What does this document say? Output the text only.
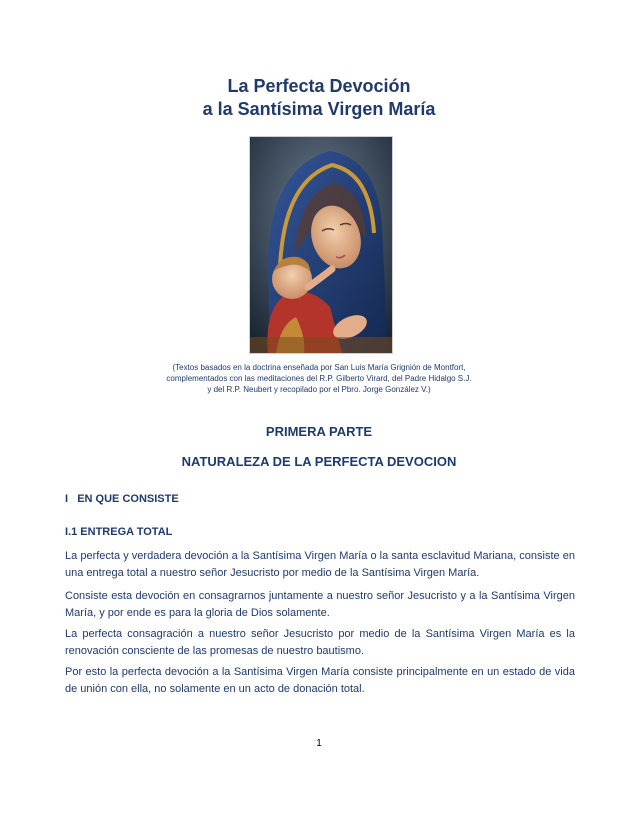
La Perfecta Devoción
a la Santísima Virgen María
(Textos basados en la doctrina enseñada por San Luis María Grignión de Montfort,
complementados con las meditaciones del R.P. Gilberto Virard, del Padre Hidalgo S.J.
y del R.P. Neubert y recopilado por el Pbro. Jorge González V.)
PRIMERA PARTE
NATURALEZA DE LA PERFECTA DEVOCION
I   EN QUE CONSISTE
I.1 ENTREGA TOTAL

La perfecta y verdadera devoción a la Santísima Virgen María o la santa esclavitud Mariana, consiste en una entrega total a nuestro señor Jesucristo por medio de la Santísima Virgen María.

Consiste esta devoción en consagrarnos juntamente a nuestro señor Jesucristo y a la Santísima Virgen María, y por ende es para la gloria de Dios solamente.

La perfecta consagración a nuestro señor Jesucristo por medio de la Santísima Virgen María es la renovación consciente de las promesas de nuestro bautismo.

Por esto la perfecta devoción a la Santísima Virgen María consiste principalmente en un estado de vida de unión con ella, no solamente en un acto de donación total.

1
